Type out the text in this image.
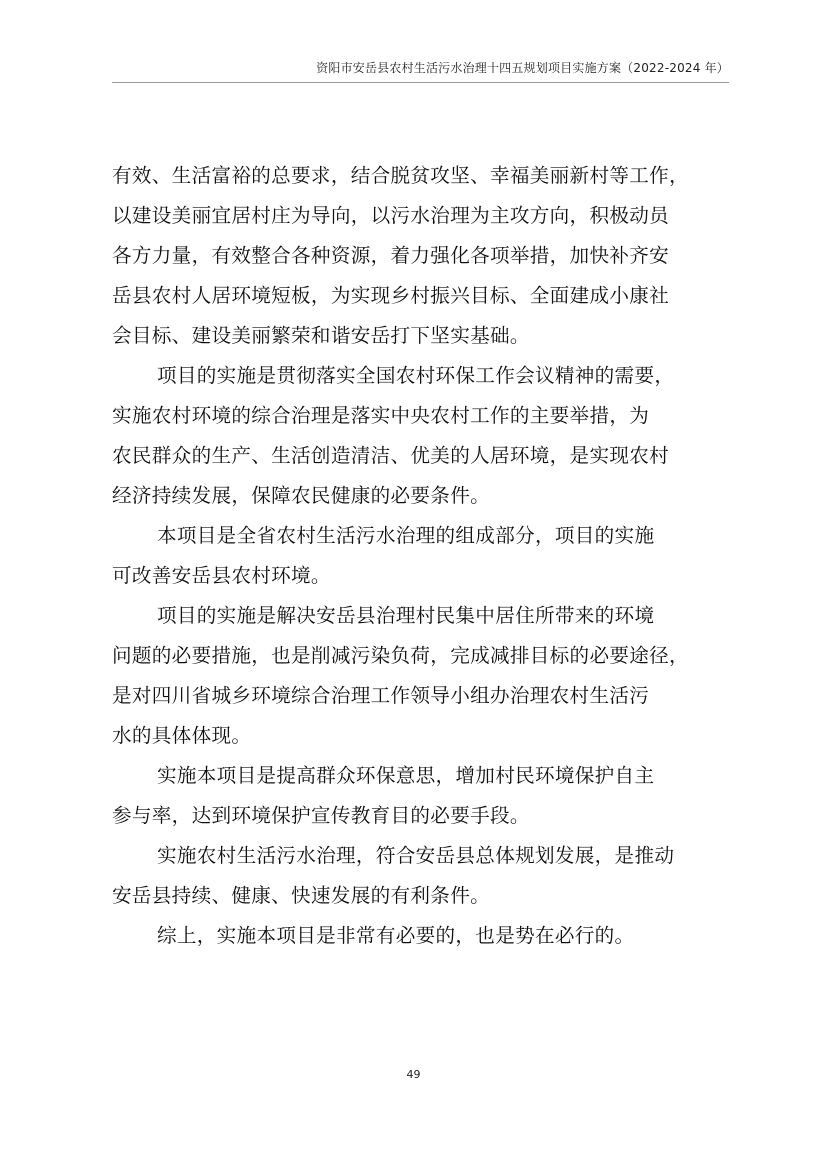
资阳市安岳县农村生活污水治理十四五规划项目实施方案（2022-2024 年）
有效、生活富裕的总要求，结合脱贫攻坚、幸福美丽新村等工作，
以建设美丽宜居村庄为导向，以污水治理为主攻方向，积极动员
各方力量，有效整合各种资源，着力强化各项举措，加快补齐安
岳县农村人居环境短板，为实现乡村振兴目标、全面建成小康社
会目标、建设美丽繁荣和谐安岳打下坚实基础。
项目的实施是贯彻落实全国农村环保工作会议精神的需要，
实施农村环境的综合治理是落实中央农村工作的主要举措，为
农民群众的生产、生活创造清洁、优美的人居环境，是实现农村
经济持续发展，保障农民健康的必要条件。
本项目是全省农村生活污水治理的组成部分，项目的实施
可改善安岳县农村环境。
项目的实施是解决安岳县治理村民集中居住所带来的环境
问题的必要措施，也是削减污染负荷，完成减排目标的必要途径，
是对四川省城乡环境综合治理工作领导小组办治理农村生活污
水的具体体现。
实施本项目是提高群众环保意思，增加村民环境保护自主
参与率，达到环境保护宣传教育目的必要手段。
实施农村生活污水治理，符合安岳县总体规划发展，是推动
安岳县持续、健康、快速发展的有利条件。
综上，实施本项目是非常有必要的，也是势在必行的。
49
